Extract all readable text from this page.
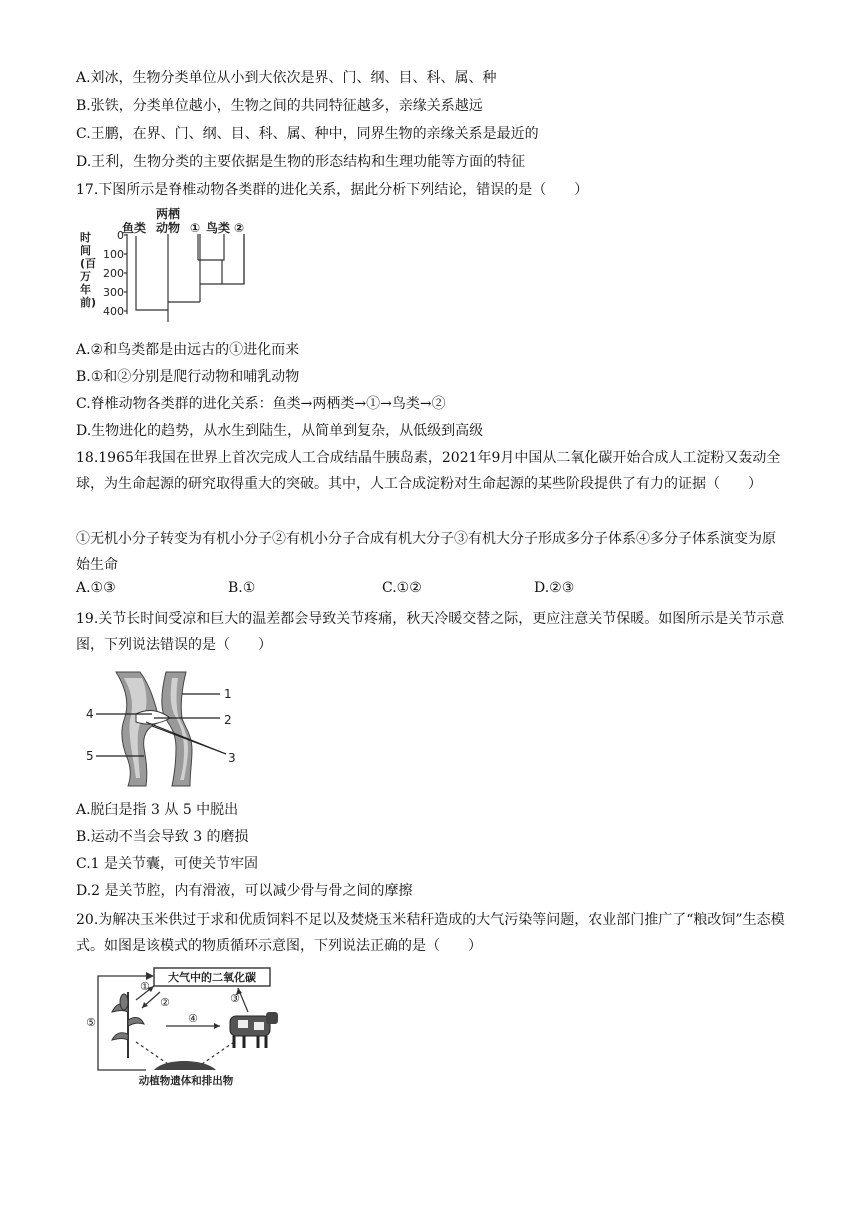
A.刘冰，生物分类单位从小到大依次是界、门、纲、目、科、属、种
B.张铁，分类单位越小，生物之间的共同特征越多，亲缘关系越远
C.王鹏，在界、门、纲、目、科、属、种中，同界生物的亲缘关系是最近的
D.王利，生物分类的主要依据是生物的形态结构和生理功能等方面的特征
17.下图所示是脊椎动物各类群的进化关系，据此分析下列结论，错误的是（　　）
时
间
(百
万
年
前)
0
100
200
300
400
鱼类
两栖
动物 ① 鸟类 ②
A.②和鸟类都是由远古的①进化而来
B.①和②分别是爬行动物和哺乳动物
C.脊椎动物各类群的进化关系：鱼类→两栖类→①→鸟类→②
D.生物进化的趋势，从水生到陆生，从简单到复杂，从低级到高级
18.1965年我国在世界上首次完成人工合成结晶牛胰岛素，2021年9月中国从二氧化碳开始合成人工淀粉又轰动全球，为生命起源的研究取得重大的突破。其中，人工合成淀粉对生命起源的某些阶段提供了有力的证据（　　）
①无机小分子转变为有机小分子②有机小分子合成有机大分子③有机大分子形成多分子体系④多分子体系演变为原始生命
A.①③	B.①	C.①②	D.②③
19.关节长时间受凉和巨大的温差都会导致关节疼痛，秋天冷暖交替之际，更应注意关节保暖。如图所示是关节示意图，下列说法错误的是（　　）
1
2
3
4
5
A.脱臼是指 3 从 5 中脱出
B.运动不当会导致 3 的磨损
C.1 是关节囊，可使关节牢固
D.2 是关节腔，内有滑液，可以减少骨与骨之间的摩擦
20.为解决玉米供过于求和优质饲料不足以及焚烧玉米秸秆造成的大气污染等问题，农业部门推广了“粮改饲”生态模式。如图是该模式的物质循环示意图，下列说法正确的是（　　）
大气中的二氧化碳
动植物遗体和排出物
①
②	③
④
⑤
